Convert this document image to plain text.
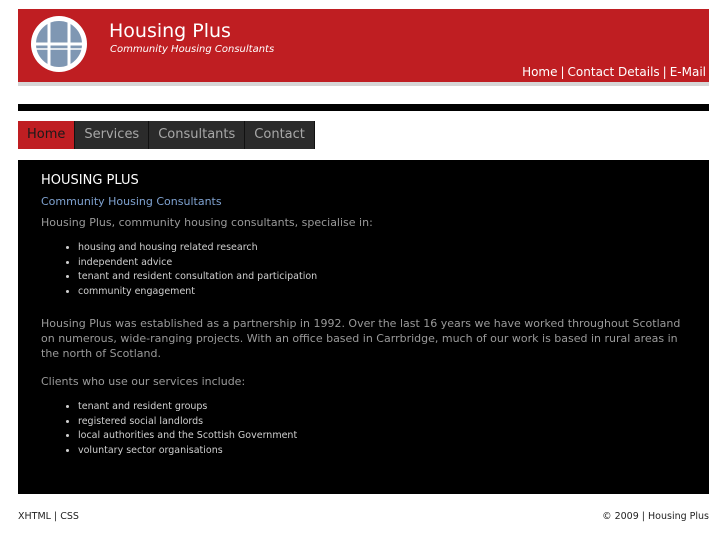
Housing Plus
Community Housing Consultants
Home | Contact Details | E-Mail
Home	Services	Consultants	Contact
HOUSING PLUS
Community Housing Consultants

Housing Plus, community housing consultants, specialise in:

• housing and housing related research
• independent advice
• tenant and resident consultation and participation
• community engagement

Housing Plus was established as a partnership in 1992. Over the last 16 years we have worked throughout Scotland on numerous, wide-ranging projects. With an office based in Carrbridge, much of our work is based in rural areas in the north of Scotland.

Clients who use our services include:

• tenant and resident groups
• registered social landlords
• local authorities and the Scottish Government
• voluntary sector organisations
XHTML | CSS	© 2009 | Housing Plus
